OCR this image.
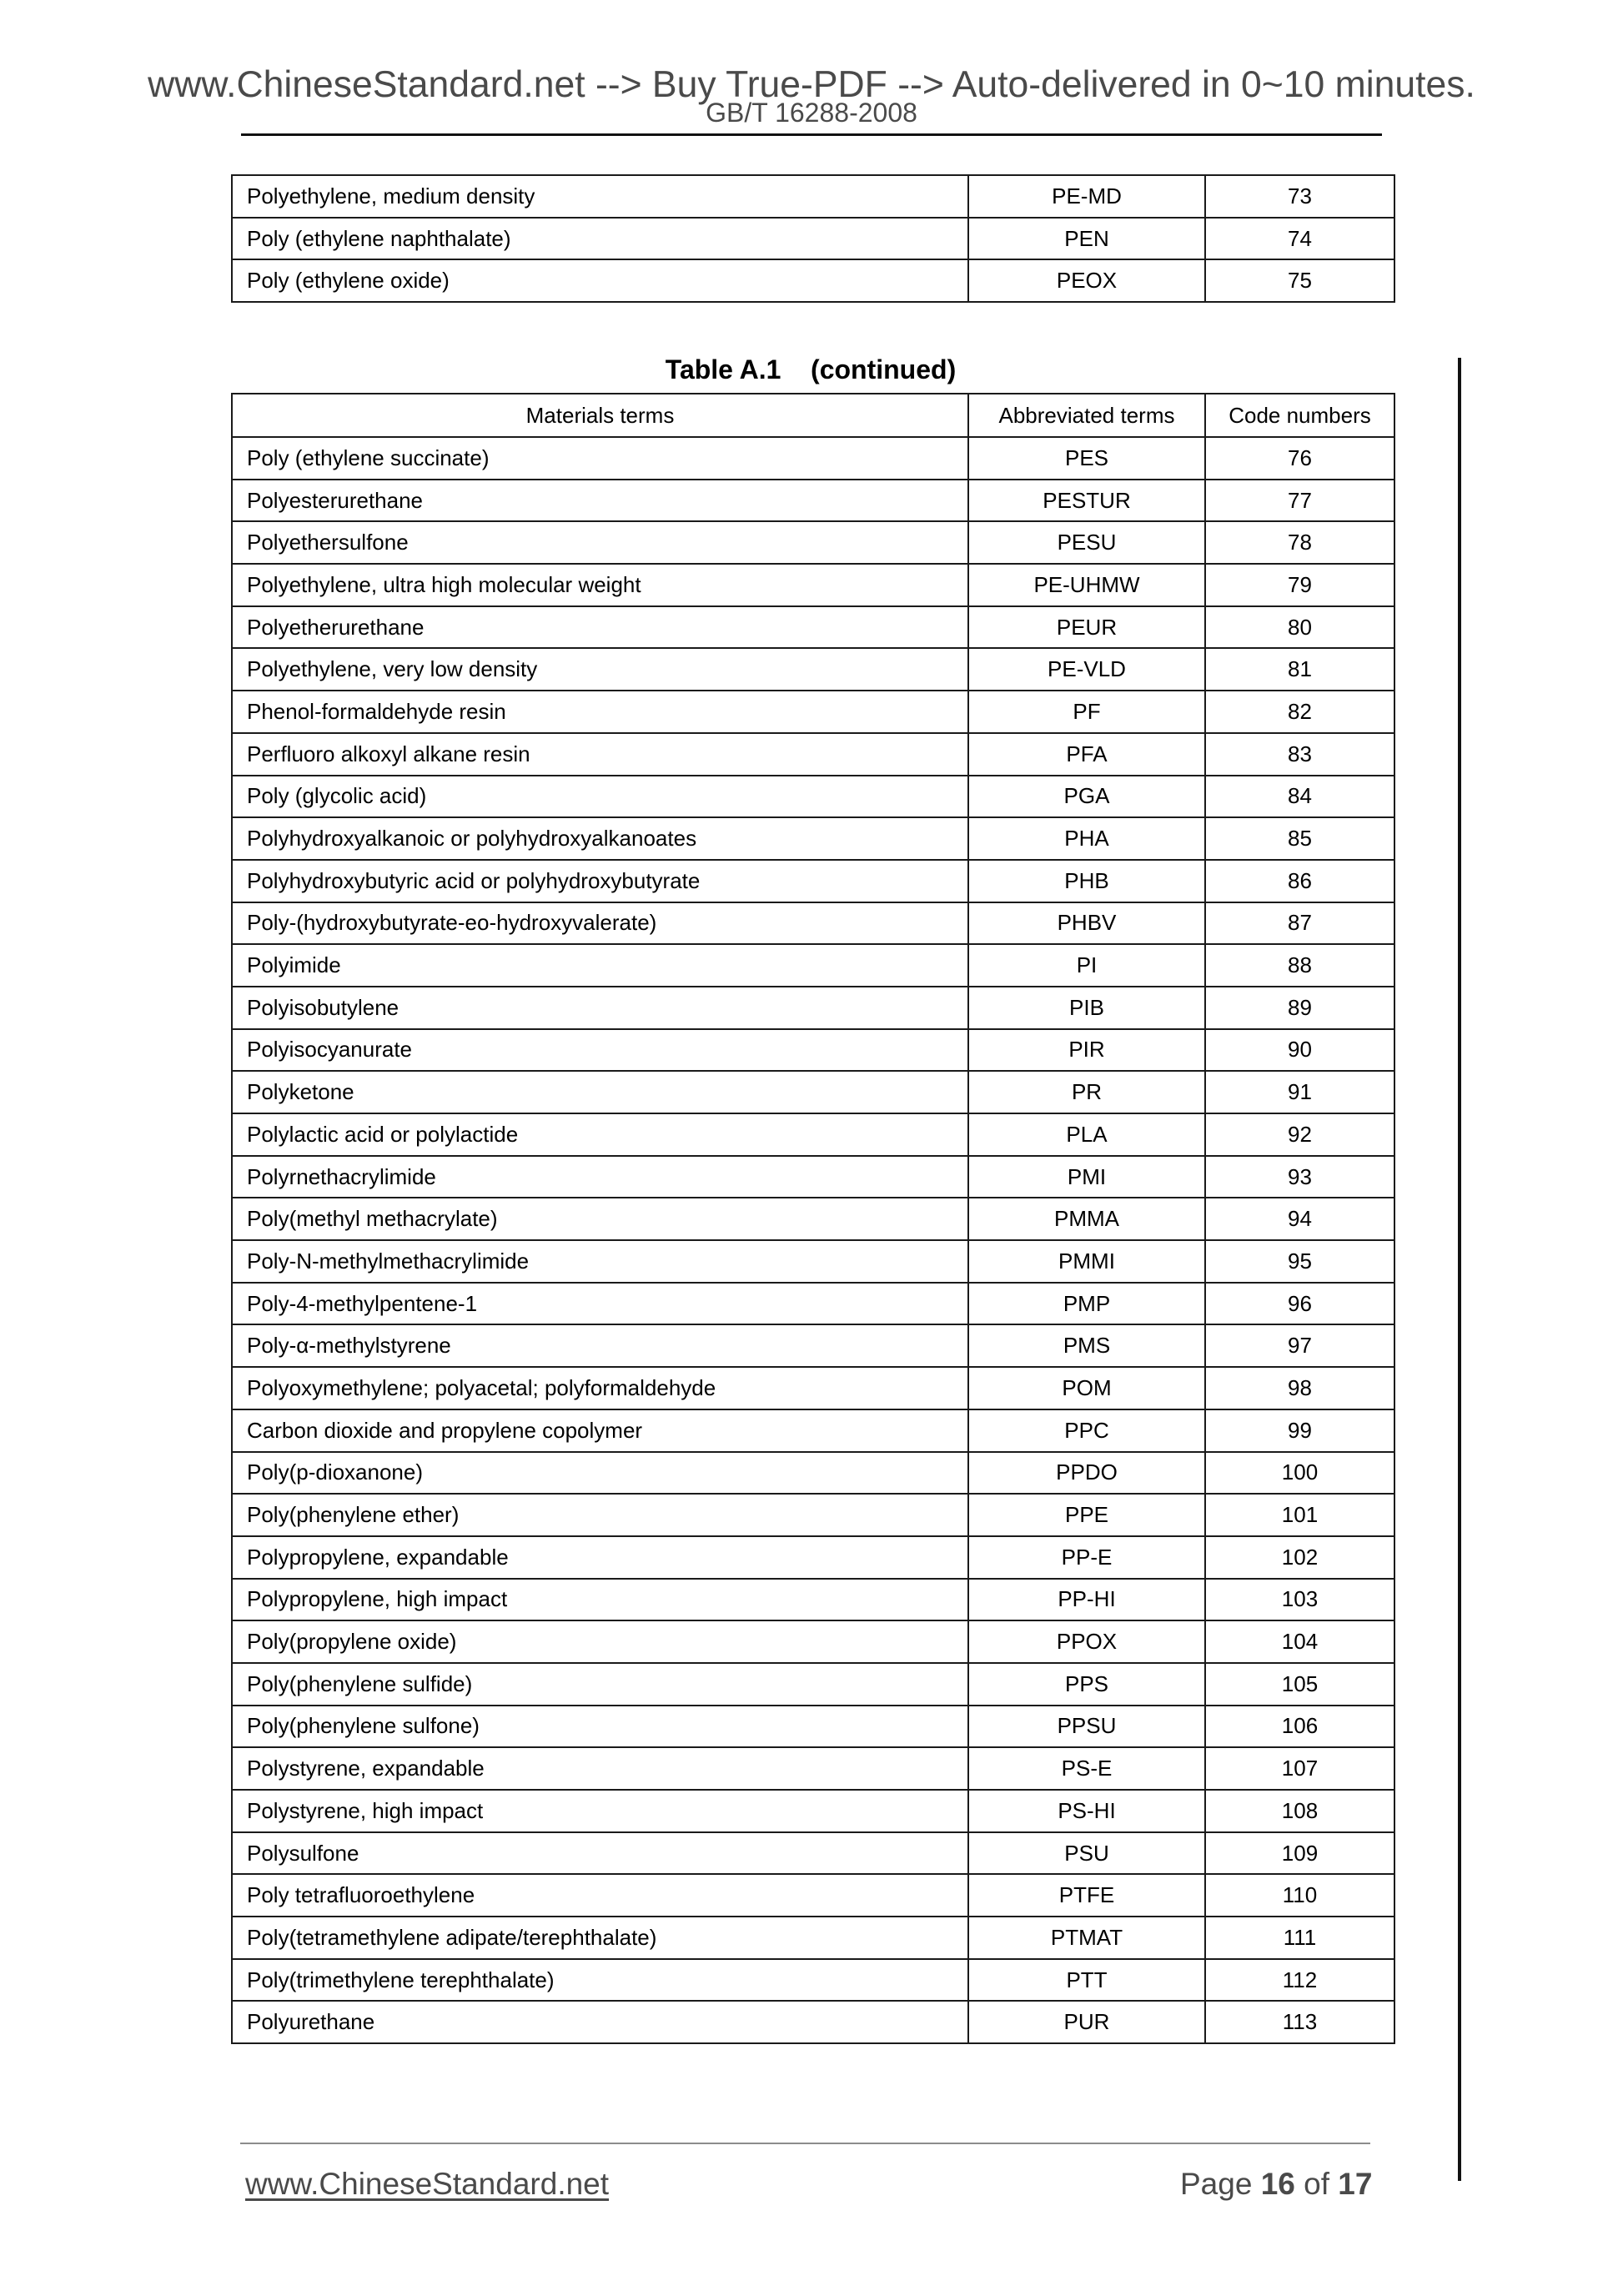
www.ChineseStandard.net --> Buy True-PDF --> Auto-delivered in 0~10 minutes.
GB/T 16288-2008
Polyethylene, medium density	PE-MD	73
Poly (ethylene naphthalate)	PEN	74
Poly (ethylene oxide)	PEOX	75
Table A.1 (continued)
Materials terms	Abbreviated terms	Code numbers
Poly (ethylene succinate)	PES	76
Polyesterurethane	PESTUR	77
Polyethersulfone	PESU	78
Polyethylene, ultra high molecular weight	PE-UHMW	79
Polyetherurethane	PEUR	80
Polyethylene, very low density	PE-VLD	81
Phenol-formaldehyde resin	PF	82
Perfluoro alkoxyl alkane resin	PFA	83
Poly (glycolic acid)	PGA	84
Polyhydroxyalkanoic or polyhydroxyalkanoates	PHA	85
Polyhydroxybutyric acid or polyhydroxybutyrate	PHB	86
Poly-(hydroxybutyrate-eo-hydroxyvalerate)	PHBV	87
Polyimide	PI	88
Polyisobutylene	PIB	89
Polyisocyanurate	PIR	90
Polyketone	PR	91
Polylactic acid or polylactide	PLA	92
Polyrnethacrylimide	PMI	93
Poly(methyl methacrylate)	PMMA	94
Poly-N-methylmethacrylimide	PMMI	95
Poly-4-methylpentene-1	PMP	96
Poly-α-methylstyrene	PMS	97
Polyoxymethylene; polyacetal; polyformaldehyde	POM	98
Carbon dioxide and propylene copolymer	PPC	99
Poly(p-dioxanone)	PPDO	100
Poly(phenylene ether)	PPE	101
Polypropylene, expandable	PP-E	102
Polypropylene, high impact	PP-HI	103
Poly(propylene oxide)	PPOX	104
Poly(phenylene sulfide)	PPS	105
Poly(phenylene sulfone)	PPSU	106
Polystyrene, expandable	PS-E	107
Polystyrene, high impact	PS-HI	108
Polysulfone	PSU	109
Poly tetrafluoroethylene	PTFE	110
Poly(tetramethylene adipate/terephthalate)	PTMAT	111
Poly(trimethylene terephthalate)	PTT	112
Polyurethane	PUR	113
www.ChineseStandard.net	Page 16 of 17
